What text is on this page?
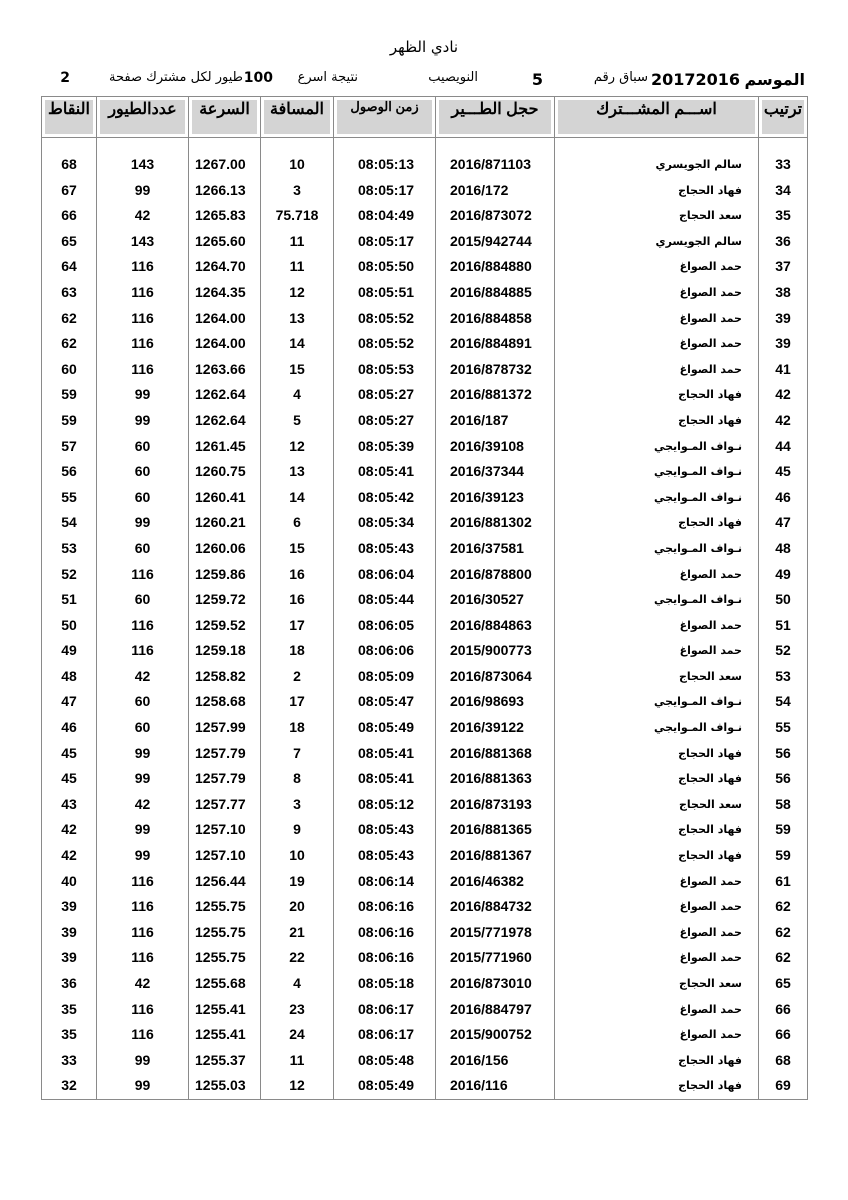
نادي الظهر
الموسم
20172016
سباق رقم
5
النويصيب
نتيجة اسرع
100
طيور لكل مشترك صفحة
2
ترتيب	اســـم المشـــترك	حجل الطـــير	زمن الوصول	المسافة	السرعة	عددالطيور	النقاط

33	سالم الجويسري	2016/871103	08:05:13	10	1267.00	143	68
34	فهاد الحجاج	2016/172	08:05:17	3	1266.13	99	67
35	سعد الحجاج	2016/873072	08:04:49	75.718	1265.83	42	66
36	سالم الجويسري	2015/942744	08:05:17	11	1265.60	143	65
37	حمد الصواغ	2016/884880	08:05:50	11	1264.70	116	64
38	حمد الصواغ	2016/884885	08:05:51	12	1264.35	116	63
39	حمد الصواغ	2016/884858	08:05:52	13	1264.00	116	62
39	حمد الصواغ	2016/884891	08:05:52	14	1264.00	116	62
41	حمد الصواغ	2016/878732	08:05:53	15	1263.66	116	60
42	فهاد الحجاج	2016/881372	08:05:27	4	1262.64	99	59
42	فهاد الحجاج	2016/187	08:05:27	5	1262.64	99	59
44	نـواف المـوايجي	2016/39108	08:05:39	12	1261.45	60	57
45	نـواف المـوايجي	2016/37344	08:05:41	13	1260.75	60	56
46	نـواف المـوايجي	2016/39123	08:05:42	14	1260.41	60	55
47	فهاد الحجاج	2016/881302	08:05:34	6	1260.21	99	54
48	نـواف المـوايجي	2016/37581	08:05:43	15	1260.06	60	53
49	حمد الصواغ	2016/878800	08:06:04	16	1259.86	116	52
50	نـواف المـوايجي	2016/30527	08:05:44	16	1259.72	60	51
51	حمد الصواغ	2016/884863	08:06:05	17	1259.52	116	50
52	حمد الصواغ	2015/900773	08:06:06	18	1259.18	116	49
53	سعد الحجاج	2016/873064	08:05:09	2	1258.82	42	48
54	نـواف المـوايجي	2016/98693	08:05:47	17	1258.68	60	47
55	نـواف المـوايجي	2016/39122	08:05:49	18	1257.99	60	46
56	فهاد الحجاج	2016/881368	08:05:41	7	1257.79	99	45
56	فهاد الحجاج	2016/881363	08:05:41	8	1257.79	99	45
58	سعد الحجاج	2016/873193	08:05:12	3	1257.77	42	43
59	فهاد الحجاج	2016/881365	08:05:43	9	1257.10	99	42
59	فهاد الحجاج	2016/881367	08:05:43	10	1257.10	99	42
61	حمد الصواغ	2016/46382	08:06:14	19	1256.44	116	40
62	حمد الصواغ	2016/884732	08:06:16	20	1255.75	116	39
62	حمد الصواغ	2015/771978	08:06:16	21	1255.75	116	39
62	حمد الصواغ	2015/771960	08:06:16	22	1255.75	116	39
65	سعد الحجاج	2016/873010	08:05:18	4	1255.68	42	36
66	حمد الصواغ	2016/884797	08:06:17	23	1255.41	116	35
66	حمد الصواغ	2015/900752	08:06:17	24	1255.41	116	35
68	فهاد الحجاج	2016/156	08:05:48	11	1255.37	99	33
69	فهاد الحجاج	2016/116	08:05:49	12	1255.03	99	32
